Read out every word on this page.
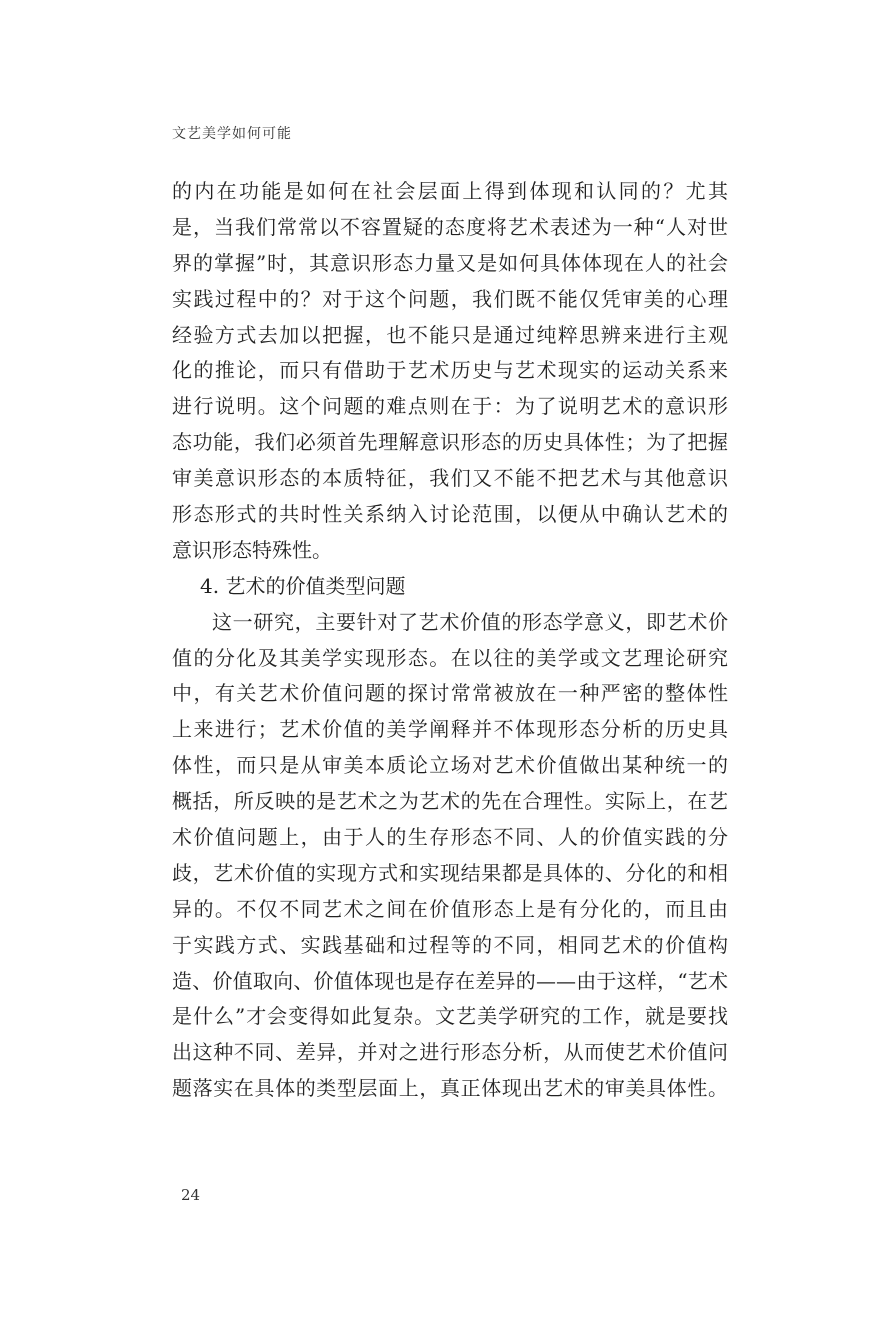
文艺美学如何可能
的内在功能是如何在社会层面上得到体现和认同的？尤其
是，当我们常常以不容置疑的态度将艺术表述为一种“人对世
界的掌握”时，其意识形态力量又是如何具体体现在人的社会
实践过程中的？对于这个问题，我们既不能仅凭审美的心理
经验方式去加以把握，也不能只是通过纯粹思辨来进行主观
化的推论，而只有借助于艺术历史与艺术现实的运动关系来
进行说明。这个问题的难点则在于：为了说明艺术的意识形
态功能，我们必须首先理解意识形态的历史具体性；为了把握
审美意识形态的本质特征，我们又不能不把艺术与其他意识
形态形式的共时性关系纳入讨论范围，以便从中确认艺术的
意识形态特殊性。
4. 艺术的价值类型问题
这一研究，主要针对了艺术价值的形态学意义，即艺术价
值的分化及其美学实现形态。在以往的美学或文艺理论研究
中，有关艺术价值问题的探讨常常被放在一种严密的整体性
上来进行；艺术价值的美学阐释并不体现形态分析的历史具
体性，而只是从审美本质论立场对艺术价值做出某种统一的
概括，所反映的是艺术之为艺术的先在合理性。实际上，在艺
术价值问题上，由于人的生存形态不同、人的价值实践的分
歧，艺术价值的实现方式和实现结果都是具体的、分化的和相
异的。不仅不同艺术之间在价值形态上是有分化的，而且由
于实践方式、实践基础和过程等的不同，相同艺术的价值构
造、价值取向、价值体现也是存在差异的——由于这样，“艺术
是什么”才会变得如此复杂。文艺美学研究的工作，就是要找
出这种不同、差异，并对之进行形态分析，从而使艺术价值问
题落实在具体的类型层面上，真正体现出艺术的审美具体性。
24
